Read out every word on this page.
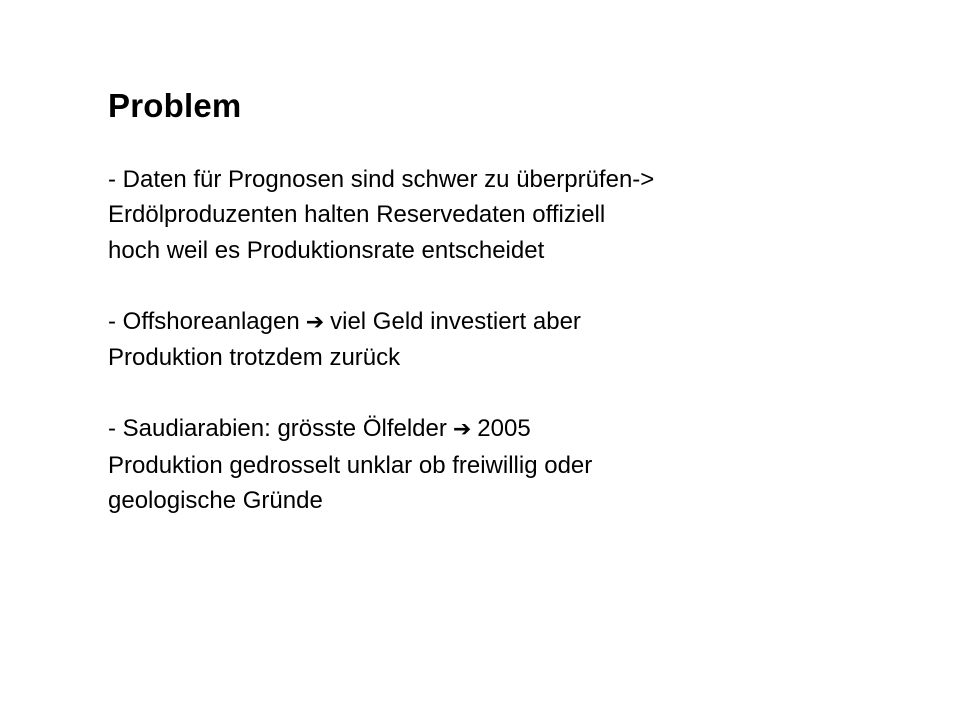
Problem
- Daten für Prognosen sind schwer zu überprüfen->
Erdölproduzenten halten Reservedaten offiziell
hoch weil es Produktionsrate entscheidet
- Offshoreanlagen ➔ viel Geld investiert aber
Produktion trotzdem zurück
- Saudiarabien: grösste Ölfelder ➔ 2005
Produktion gedrosselt unklar ob freiwillig oder
geologische Gründe
